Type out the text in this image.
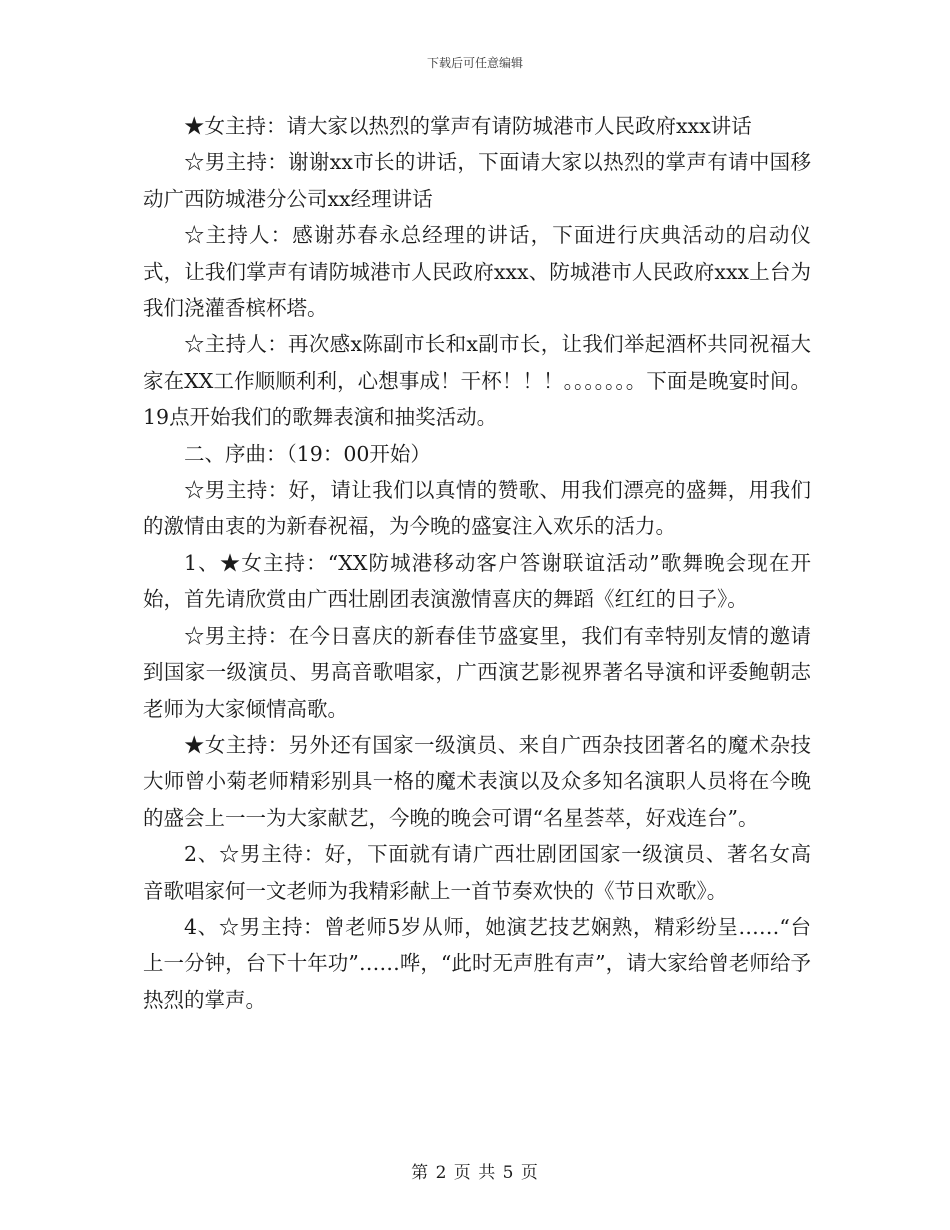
下载后可任意编辑

★女主持：请大家以热烈的掌声有请防城港市人民政府xxx讲话

☆男主持：谢谢xx市长的讲话，下面请大家以热烈的掌声有请中国移动广西防城港分公司xx经理讲话

☆主持人：感谢苏春永总经理的讲话，下面进行庆典活动的启动仪式，让我们掌声有请防城港市人民政府xxx、防城港市人民政府xxx上台为我们浇灌香槟杯塔。

☆主持人：再次感x陈副市长和x副市长，让我们举起酒杯共同祝福大家在XX工作顺顺利利，心想事成！干杯！！！。。。。。。。下面是晚宴时间。19点开始我们的歌舞表演和抽奖活动。

二、序曲：（19：00开始）

☆男主持：好，请让我们以真情的赞歌、用我们漂亮的盛舞，用我们的激情由衷的为新春祝福，为今晚的盛宴注入欢乐的活力。

1、★女主持：“XX防城港移动客户答谢联谊活动”歌舞晚会现在开始，首先请欣赏由广西壮剧团表演激情喜庆的舞蹈《红红的日子》。

☆男主持：在今日喜庆的新春佳节盛宴里，我们有幸特别友情的邀请到国家一级演员、男高音歌唱家，广西演艺影视界著名导演和评委鲍朝志老师为大家倾情高歌。

★女主持：另外还有国家一级演员、来自广西杂技团著名的魔术杂技大师曾小菊老师精彩别具一格的魔术表演以及众多知名演职人员将在今晚的盛会上一一为大家献艺，今晚的晚会可谓“名星荟萃，好戏连台”。

2、☆男主待：好，下面就有请广西壮剧团国家一级演员、著名女高音歌唱家何一文老师为我精彩献上一首节奏欢快的《节日欢歌》。

4、☆男主持：曾老师5岁从师，她演艺技艺娴熟，精彩纷呈……“台上一分钟，台下十年功”……哗，“此时无声胜有声”，请大家给曾老师给予热烈的掌声。

第 2 页 共 5 页
